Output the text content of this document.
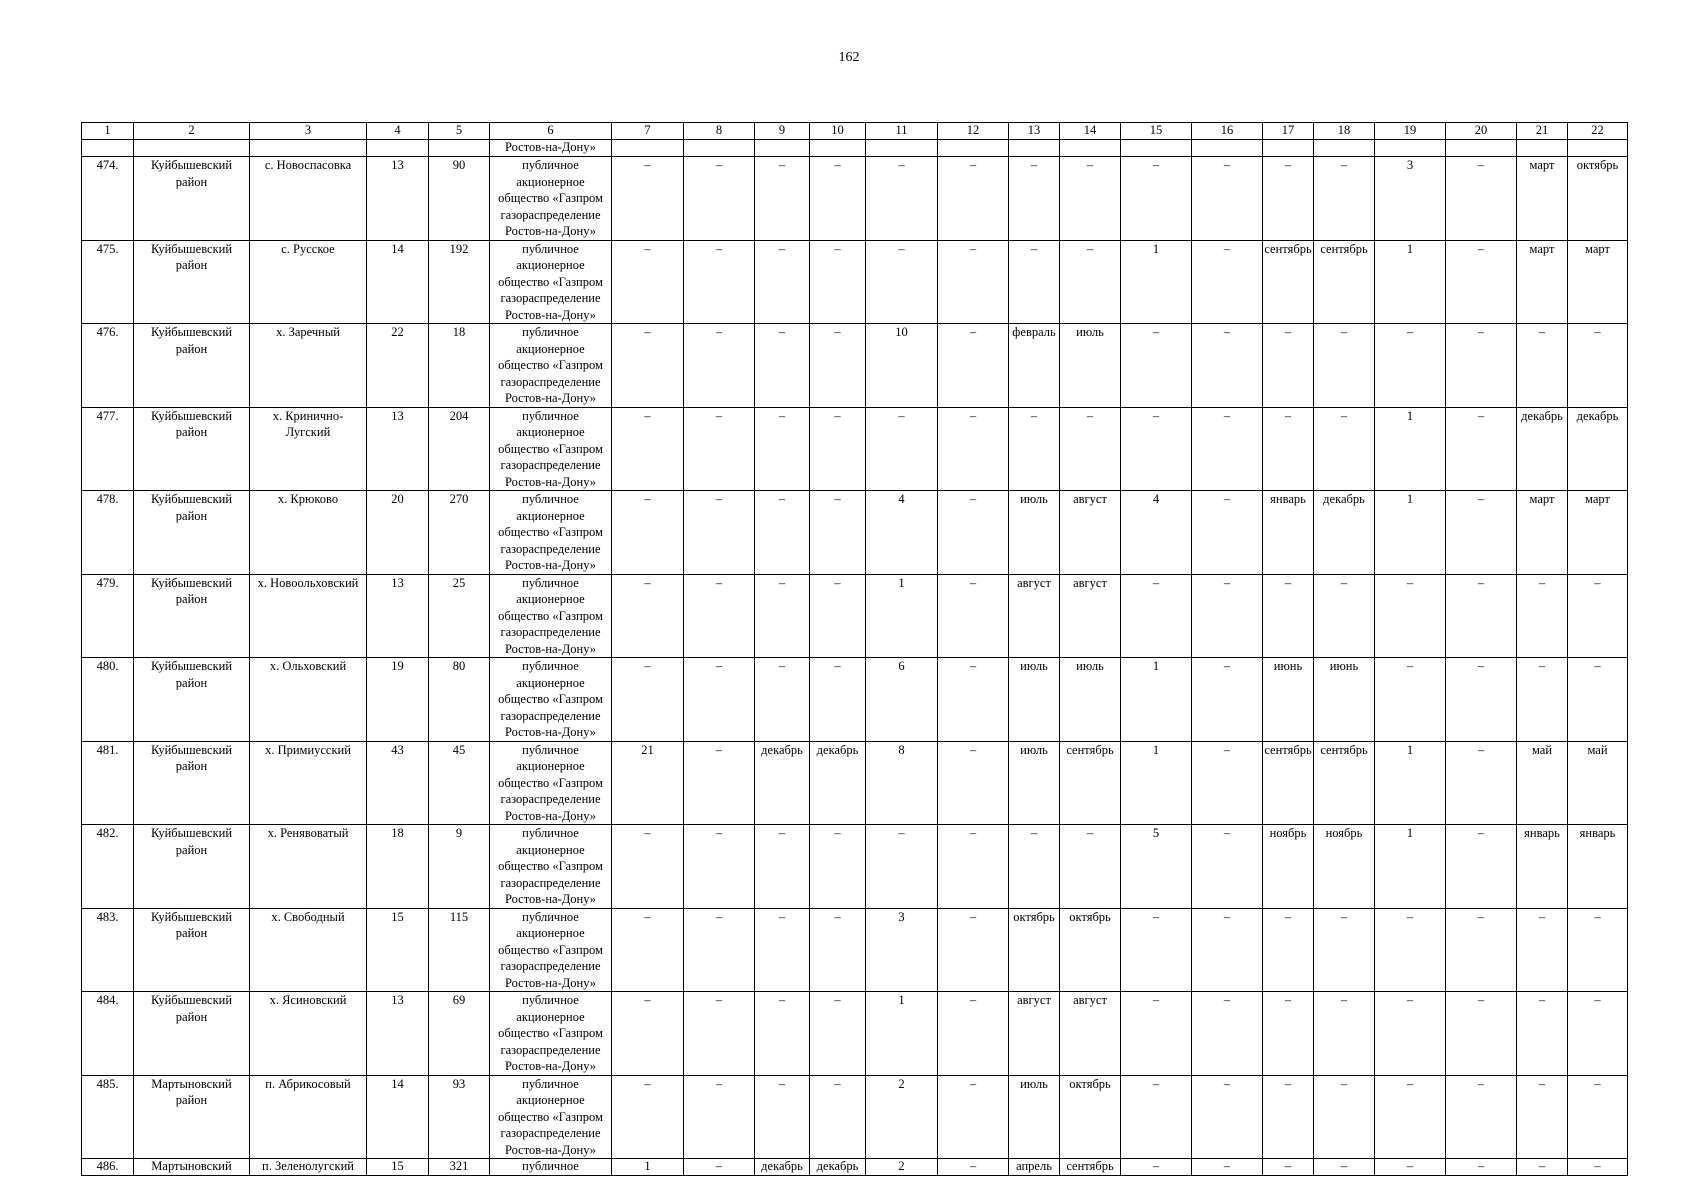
162
1	2	3	4	5	6	7	8	9	10	11	12	13	14	15	16	17	18	19	20	21	22
					Ростов-на-Дону»																
474.	Куйбышевский район	с. Новоспасовка	13	90	публичное акционерное общество «Газпром газораспределение Ростов-на-Дону»	–	–	–	–	–	–	–	–	–	–	–	–	3	–	март	октябрь
475.	Куйбышевский район	с. Русское	14	192	публичное акционерное общество «Газпром газораспределение Ростов-на-Дону»	–	–	–	–	–	–	–	–	1	–	сентябрь	сентябрь	1	–	март	март
476.	Куйбышевский район	х. Заречный	22	18	публичное акционерное общество «Газпром газораспределение Ростов-на-Дону»	–	–	–	–	10	–	февраль	июль	–	–	–	–	–	–	–	–
477.	Куйбышевский район	х. Кринично-Лугский	13	204	публичное акционерное общество «Газпром газораспределение Ростов-на-Дону»	–	–	–	–	–	–	–	–	–	–	–	–	1	–	декабрь	декабрь
478.	Куйбышевский район	х. Крюково	20	270	публичное акционерное общество «Газпром газораспределение Ростов-на-Дону»	–	–	–	–	4	–	июль	август	4	–	январь	декабрь	1	–	март	март
479.	Куйбышевский район	х. Новоольховский	13	25	публичное акционерное общество «Газпром газораспределение Ростов-на-Дону»	–	–	–	–	1	–	август	август	–	–	–	–	–	–	–	–
480.	Куйбышевский район	х. Ольховский	19	80	публичное акционерное общество «Газпром газораспределение Ростов-на-Дону»	–	–	–	–	6	–	июль	июль	1	–	июнь	июнь	–	–	–	–
481.	Куйбышевский район	х. Примиусский	43	45	публичное акционерное общество «Газпром газораспределение Ростов-на-Дону»	21	–	декабрь	декабрь	8	–	июль	сентябрь	1	–	сентябрь	сентябрь	1	–	май	май
482.	Куйбышевский район	х. Ренявоватый	18	9	публичное акционерное общество «Газпром газораспределение Ростов-на-Дону»	–	–	–	–	–	–	–	–	5	–	ноябрь	ноябрь	1	–	январь	январь
483.	Куйбышевский район	х. Свободный	15	115	публичное акционерное общество «Газпром газораспределение Ростов-на-Дону»	–	–	–	–	3	–	октябрь	октябрь	–	–	–	–	–	–	–	–
484.	Куйбышевский район	х. Ясиновский	13	69	публичное акционерное общество «Газпром газораспределение Ростов-на-Дону»	–	–	–	–	1	–	август	август	–	–	–	–	–	–	–	–
485.	Мартыновский район	п. Абрикосовый	14	93	публичное акционерное общество «Газпром газораспределение Ростов-на-Дону»	–	–	–	–	2	–	июль	октябрь	–	–	–	–	–	–	–	–
486.	Мартыновский	п. Зеленолугский	15	321	публичное	1	–	декабрь	декабрь	2	–	апрель	сентябрь	–	–	–	–	–	–	–	–
